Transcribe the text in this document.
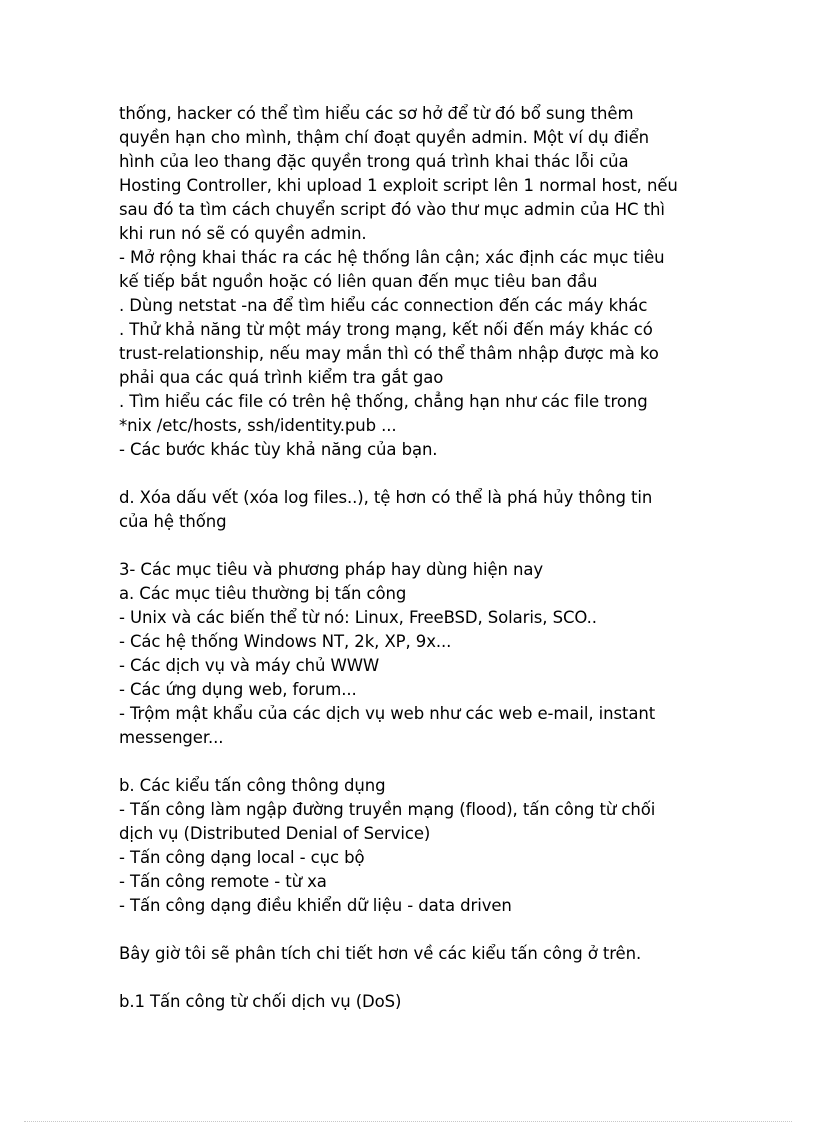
thống, hacker có thể tìm hiểu các sơ hở để từ đó bổ sung thêm
quyền hạn cho mình, thậm chí đoạt quyền admin. Một ví dụ điển
hình của leo thang đặc quyền trong quá trình khai thác lỗi của
Hosting Controller, khi upload 1 exploit script lên 1 normal host, nếu
sau đó ta tìm cách chuyển script đó vào thư mục admin của HC thì
khi run nó sẽ có quyền admin.
- Mở rộng khai thác ra các hệ thống lân cận; xác định các mục tiêu
kế tiếp bắt nguồn hoặc có liên quan đến mục tiêu ban đầu
. Dùng netstat -na để tìm hiểu các connection đến các máy khác
. Thử khả năng từ một máy trong mạng, kết nối đến máy khác có
trust-relationship, nếu may mắn thì có thể thâm nhập được mà ko
phải qua các quá trình kiểm tra gắt gao
. Tìm hiểu các file có trên hệ thống, chẳng hạn như các file trong
*nix /etc/hosts, ssh/identity.pub ...
- Các bước khác tùy khả năng của bạn.
d. Xóa dấu vết (xóa log files..), tệ hơn có thể là phá hủy thông tin
của hệ thống
3- Các mục tiêu và phương pháp hay dùng hiện nay
a. Các mục tiêu thường bị tấn công
- Unix và các biến thể từ nó: Linux, FreeBSD, Solaris, SCO..
- Các hệ thống Windows NT, 2k, XP, 9x...
- Các dịch vụ và máy chủ WWW
- Các ứng dụng web, forum...
- Trộm mật khẩu của các dịch vụ web như các web e-mail, instant
messenger...
b. Các kiểu tấn công thông dụng
- Tấn công làm ngập đường truyền mạng (flood), tấn công từ chối
dịch vụ (Distributed Denial of Service)
- Tấn công dạng local - cục bộ
- Tấn công remote - từ xa
- Tấn công dạng điều khiển dữ liệu - data driven
Bây giờ tôi sẽ phân tích chi tiết hơn về các kiểu tấn công ở trên.
b.1 Tấn công từ chối dịch vụ (DoS)
